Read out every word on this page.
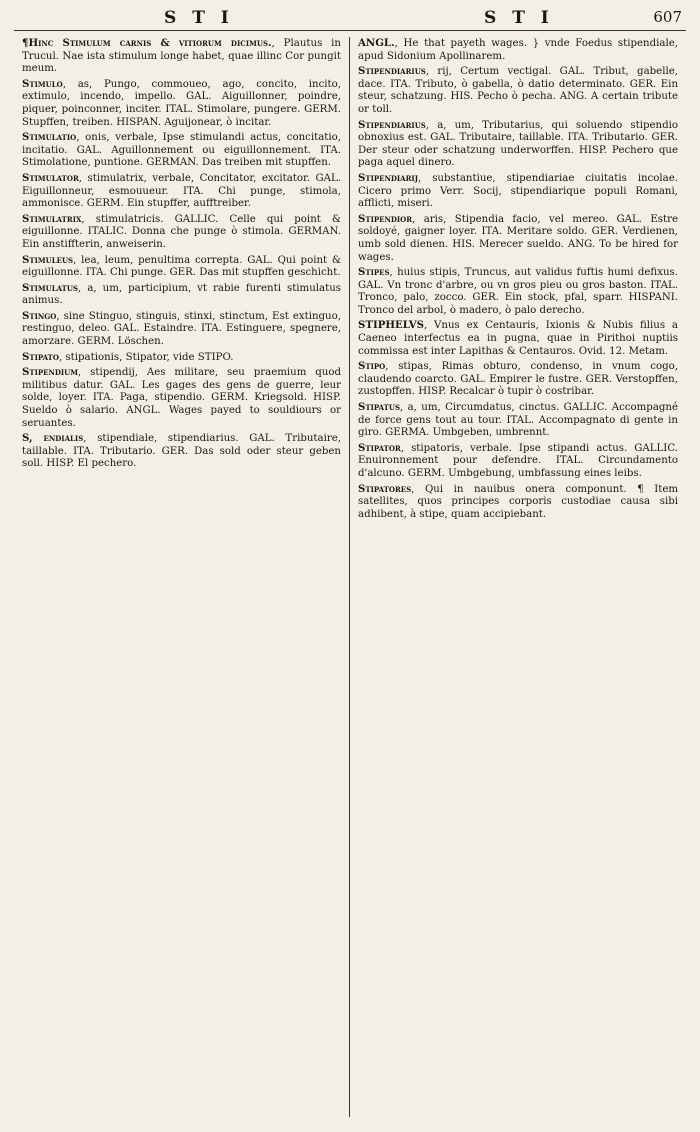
S T I	S T I	607

¶Hinc Stimulum carnis & vitiorum dicimus., Plautus in Trucul. Nae ista stimulum longe habet, quae illinc Cor pungit meum.

Stimulo, as, Pungo, commoueo, ago, concito, incito, extimulo, incendo, impello. GAL. Aiguillonner, poindre, piquer, poinconner, inciter. ITAL. Stimolare, pungere. GERM. Stupffen, treiben. HISPAN. Aguijonear, ò incitar.

Stimulatio, onis, verbale, Ipse stimulandi actus, concitatio, incitatio. GAL. Aguillonnement ou eiguillonnement. ITA. Stimolatione, puntione. GERMAN. Das treiben mit stupffen.

Stimulator, stimulatrix, verbale, Concitator, excitator. GAL. Eiguillonneur, esmouueur. ITA. Chi punge, stimola, ammonisce. GERM. Ein stupffer, aufftreiber.

Stimulatrix, stimulatricis. GALLIC. Celle qui point & eiguillonne. ITALIC. Donna che punge ò stimola. GERMAN. Ein anstiffterin, anweiserin.

Stimuleus, lea, leum, penultima correpta. GAL. Qui point & eiguillonne. ITA. Chi punge. GER. Das mit stupffen geschicht.

Stimulatus, a, um, participium, vt rabie furenti stimulatus animus.

Stingo, sine Stinguo, stinguis, stinxi, stinctum, Est extinguo, restinguo, deleo. GAL. Estaindre. ITA. Estinguere, spegnere, amorzare. GERM. Löschen.

Stipato, stipationis, Stipator, vide STIPO.

Stipendium, stipendij, Aes militare, seu praemium quod militibus datur. GAL. Les gages des gens de guerre, leur solde, loyer. ITA. Paga, stipendio. GERM. Kriegsold. HISP. Sueldo ò salario. ANGL. Wages payed to souldiours or seruantes.

S, endialis, stipendiale, stipendiarius. GAL. Tributaire, taillable. ITA. Tributario. GER. Das sold oder steur geben soll. HISP. El pechero.

ANGL., He that payeth wages. } vnde Foedus stipendiale, apud Sidonium Apollinarem.

Stipendiarius, rij, Certum vectigal. GAL. Tribut, gabelle, dace. ITA. Tributo, ò gabella, ò datio determinato. GER. Ein steur, schatzung. HIS. Pecho ò pecha. ANG. A certain tribute or toll.

Stipendiarius, a, um, Tributarius, qui soluendo stipendio obnoxius est. GAL. Tributaire, taillable. ITA. Tributario. GER. Der steur oder schatzung underworffen. HISP. Pechero que paga aquel dinero.

Stipendiarij, substantiue, stipendiariae ciuitatis incolae. Cicero primo Verr. Socij, stipendiarique populi Romani, afflicti, miseri.

Stipendior, aris, Stipendia facio, vel mereo. GAL. Estre soldoyé, gaigner loyer. ITA. Meritare soldo. GER. Verdienen, umb sold dienen. HIS. Merecer sueldo. ANG. To be hired for wages.

Stipes, huius stipis, Truncus, aut validus fuftis humi defixus. GAL. Vn tronc d'arbre, ou vn gros pieu ou gros baston. ITAL. Tronco, palo, zocco. GER. Ein stock, pfal, sparr. HISPANI. Tronco del arbol, ò madero, ò palo derecho.

STIPHELVS, Vnus ex Centauris, Ixionis & Nubis filius a Caeneo interfectus ea in pugna, quae in Pirithoi nuptiis commissa est inter Lapithas & Centauros. Ovid. 12. Metam.

Stipo, stipas, Rimas obturo, condenso, in vnum cogo, claudendo coarcto. GAL. Empirer le fustre. GER. Verstopffen, zustopffen. HISP. Recalcar ò tupir ò costribar.

Stipatus, a, um, Circumdatus, cinctus. GALLIC. Accompagné de force gens tout au tour. ITAL. Accompagnato di gente in giro. GERMA. Umbgeben, umbrennt.

Stipator, stipatoris, verbale. Ipse stipandi actus. GALLIC. Enuironnement pour defendre. ITAL. Circundamento d'alcuno. GERM. Umbgebung, umbfassung eines leibs.

Stipatores, Qui in nauibus onera componunt. ¶ Item satellites, quos principes corporis custodiae causa sibi adhibent, à stipe, quam accipiebant.
